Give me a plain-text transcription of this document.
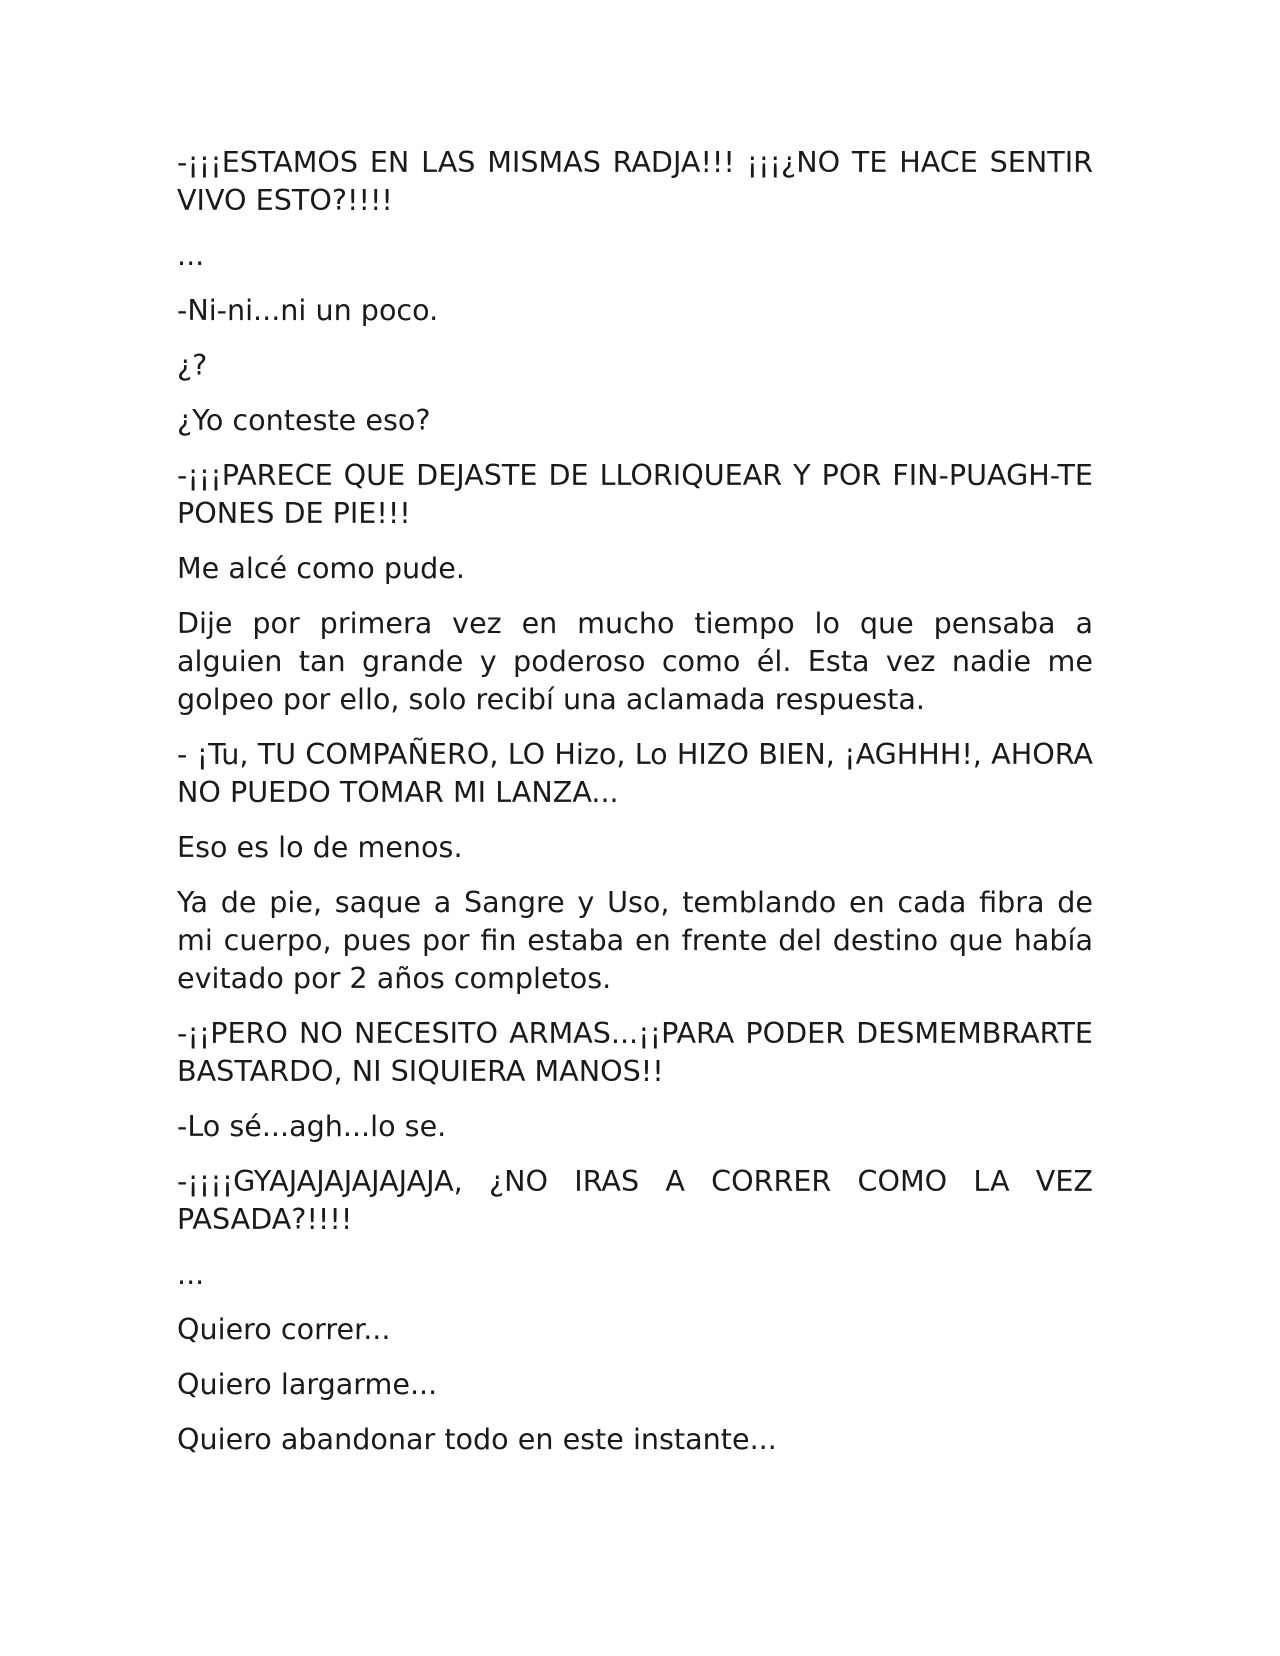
-¡¡¡ESTAMOS EN LAS MISMAS RADJA!!! ¡¡¡¿NO TE HACE SENTIR VIVO ESTO?!!!!

...

-Ni-ni...ni un poco.

¿?

¿Yo conteste eso?

-¡¡¡PARECE QUE DEJASTE DE LLORIQUEAR Y POR FIN-PUAGH-TE PONES DE PIE!!!

Me alcé como pude.

Dije por primera vez en mucho tiempo lo que pensaba a alguien tan grande y poderoso como él. Esta vez nadie me golpeo por ello, solo recibí una aclamada respuesta.

- ¡Tu, TU COMPAÑERO, LO Hizo, Lo HIZO BIEN, ¡AGHHH!, AHORA NO PUEDO TOMAR MI LANZA...

Eso es lo de menos.

Ya de pie, saque a Sangre y Uso, temblando en cada fibra de mi cuerpo, pues por fin estaba en frente del destino que había evitado por 2 años completos.

-¡¡PERO NO NECESITO ARMAS...¡¡PARA PODER DESMEMBRARTE BASTARDO, NI SIQUIERA MANOS!!

-Lo sé...agh...lo se.

-¡¡¡¡GYAJAJAJAJAJAJA, ¿NO IRAS A CORRER COMO LA VEZ PASADA?!!!!

...

Quiero correr...

Quiero largarme...

Quiero abandonar todo en este instante...
